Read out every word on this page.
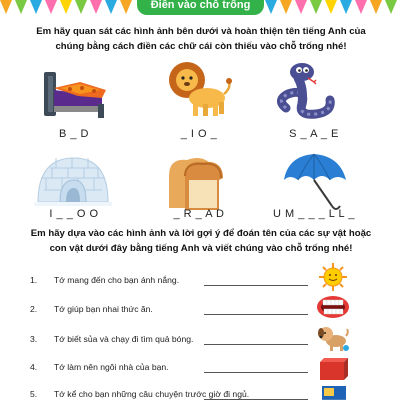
Điền vào chỗ trống

Em hãy quan sát các hình ảnh bên dưới và hoàn thiện tên tiếng Anh của chúng bằng cách điền các chữ cái còn thiếu vào chỗ trống nhé!

B _ D	_ I O _	S _ A _ E
I _ _ O O	_ R _ A D	U M _ _ _ L L _

Em hãy dựa vào các hình ảnh và lời gợi ý để đoán tên của các sự vật hoặc con vật dưới đây bằng tiếng Anh và viết chúng vào chỗ trống nhé!

1. Tớ mang đến cho bạn ánh nắng.
2. Tớ giúp bạn nhai thức ăn.
3. Tớ biết sủa và chạy đi tìm quả bóng.
4. Tớ làm nên ngôi nhà của bạn.
5. Tớ kể cho bạn những câu chuyện trước giờ đi ngủ.
